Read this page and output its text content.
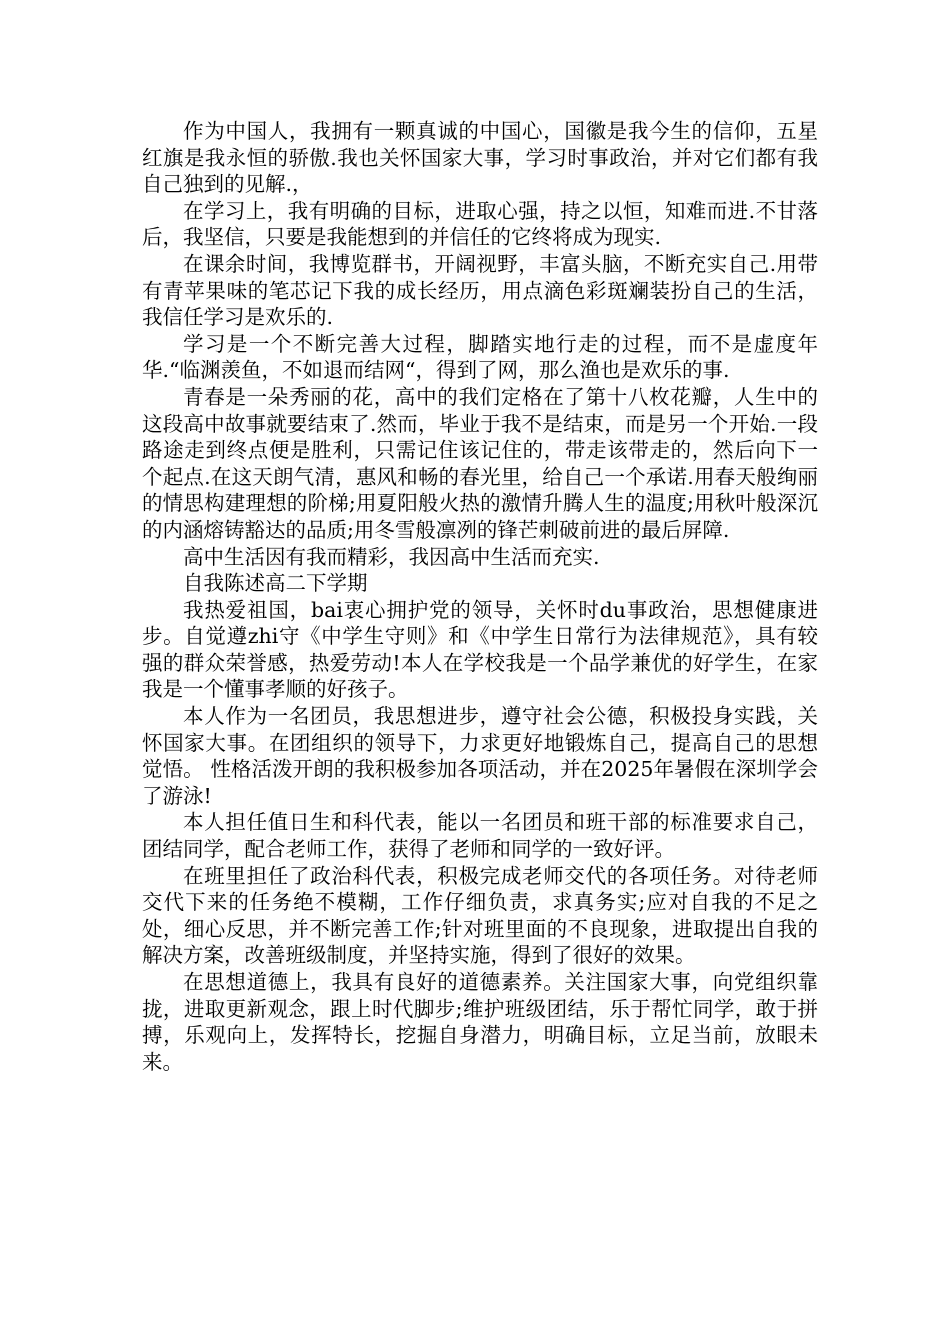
作为中国人，我拥有一颗真诚的中国心，国徽是我今生的信仰，五星红旗是我永恒的骄傲.我也关怀国家大事，学习时事政治，并对它们都有我自己独到的见解.，

在学习上，我有明确的目标，进取心强，持之以恒，知难而进.不甘落后，我坚信，只要是我能想到的并信任的它终将成为现实.

在课余时间，我博览群书，开阔视野，丰富头脑，不断充实自己.用带有青苹果味的笔芯记下我的成长经历，用点滴色彩斑斓装扮自己的生活，我信任学习是欢乐的.

学习是一个不断完善大过程，脚踏实地行走的过程，而不是虚度年华.“临渊羡鱼，不如退而结网“，得到了网，那么渔也是欢乐的事.

青春是一朵秀丽的花，高中的我们定格在了第十八枚花瓣，人生中的这段高中故事就要结束了.然而，毕业于我不是结束，而是另一个开始.一段路途走到终点便是胜利，只需记住该记住的，带走该带走的，然后向下一个起点.在这天朗气清，惠风和畅的春光里，给自己一个承诺.用春天般绚丽的情思构建理想的阶梯;用夏阳般火热的激情升腾人生的温度;用秋叶般深沉的内涵熔铸豁达的品质;用冬雪般凛冽的锋芒刺破前进的最后屏障.

高中生活因有我而精彩，我因高中生活而充实.

自我陈述高二下学期

我热爱祖国，bai衷心拥护党的领导，关怀时du事政治，思想健康进步。自觉遵zhi守《中学生守则》和《中学生日常行为法律规范》，具有较强的群众荣誉感，热爱劳动!本人在学校我是一个品学兼优的好学生，在家我是一个懂事孝顺的好孩子。

本人作为一名团员，我思想进步，遵守社会公德，积极投身实践，关怀国家大事。在团组织的领导下，力求更好地锻炼自己，提高自己的思想觉悟。 性格活泼开朗的我积极参加各项活动，并在2025年暑假在深圳学会了游泳!

本人担任值日生和科代表，能以一名团员和班干部的标准要求自己，团结同学，配合老师工作，获得了老师和同学的一致好评。

在班里担任了政治科代表，积极完成老师交代的各项任务。对待老师交代下来的任务绝不模糊，工作仔细负责，求真务实;应对自我的不足之处，细心反思，并不断完善工作;针对班里面的不良现象，进取提出自我的解决方案，改善班级制度，并坚持实施，得到了很好的效果。

在思想道德上，我具有良好的道德素养。关注国家大事，向党组织靠拢，进取更新观念，跟上时代脚步;维护班级团结，乐于帮忙同学，敢于拼搏，乐观向上，发挥特长，挖掘自身潜力，明确目标，立足当前，放眼未来。
